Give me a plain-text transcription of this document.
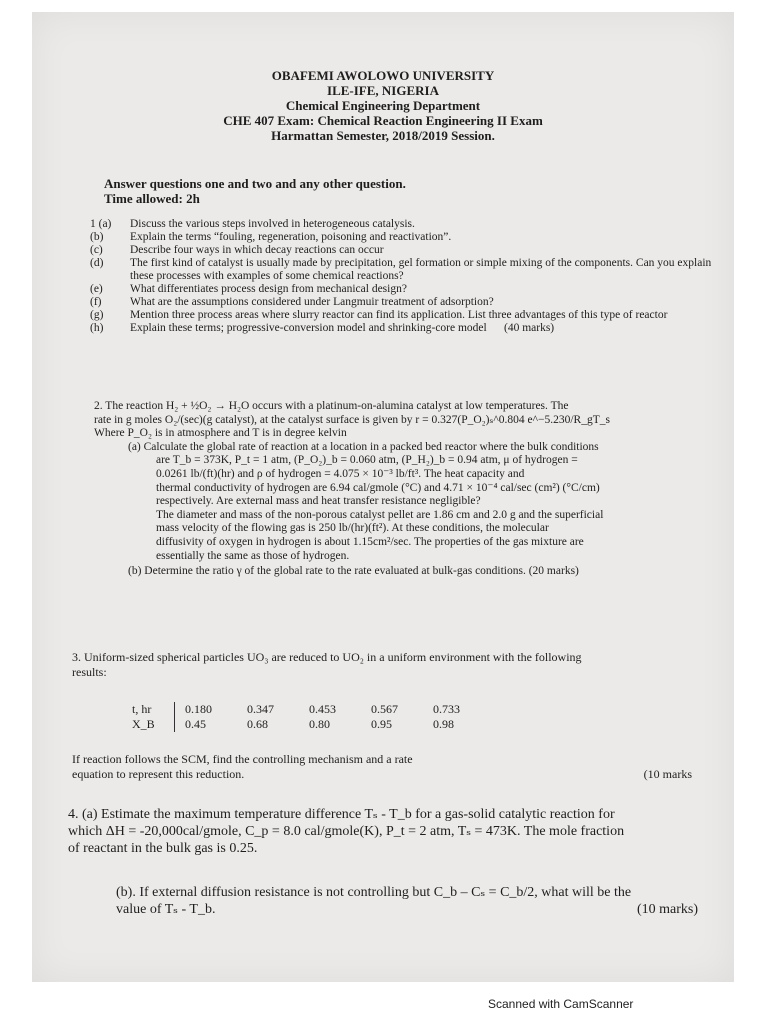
OBAFEMI AWOLOWO UNIVERSITY
ILE-IFE, NIGERIA
Chemical Engineering Department
CHE 407 Exam: Chemical Reaction Engineering II Exam
Harmattan Semester, 2018/2019 Session.
Answer questions one and two and any other question.
Time allowed: 2h
1 (a)	Discuss the various steps involved in heterogeneous catalysis.
(b)	Explain the terms “fouling, regeneration, poisoning and reactivation”.
(c)	Describe four ways in which decay reactions can occur
(d)	The first kind of catalyst is usually made by precipitation, gel formation or simple mixing of the components. Can you explain these processes with examples of some chemical reactions?
(e)	What differentiates process design from mechanical design?
(f)	What are the assumptions considered under Langmuir treatment of adsorption?
(g)	Mention three process areas where slurry reactor can find its application. List three advantages of this type of reactor
(h)	Explain these terms; progressive-conversion model and shrinking-core model (40 marks)
2. The reaction H₂ + ½O₂ → H₂O occurs with a platinum-on-alumina catalyst at low temperatures. The
rate in g moles O₂/(sec)(g catalyst), at the catalyst surface is given by r = 0.327(P_O₂)ₛ^0.804 e^−5.230/R_gT_s
Where P_O₂ is in atmosphere and T is in degree kelvin
(a) Calculate the global rate of reaction at a location in a packed bed reactor where the bulk conditions
are T_b = 373K, P_t = 1 atm, (P_O₂)_b = 0.060 atm, (P_H₂)_b = 0.94 atm, μ of hydrogen =
0.0261 lb/(ft)(hr) and ρ of hydrogen = 4.075 × 10⁻³ lb/ft³. The heat capacity and
thermal conductivity of hydrogen are 6.94 cal/gmole (°C) and 4.71 × 10⁻⁴ cal/sec (cm²) (°C/cm)
respectively. Are external mass and heat transfer resistance negligible?
The diameter and mass of the non-porous catalyst pellet are 1.86 cm and 2.0 g and the superficial
mass velocity of the flowing gas is 250 lb/(hr)(ft²). At these conditions, the molecular
diffusivity of oxygen in hydrogen is about 1.15cm²/sec. The properties of the gas mixture are
essentially the same as those of hydrogen.
(b) Determine the ratio γ of the global rate to the rate evaluated at bulk-gas conditions. (20 marks)
3. Uniform-sized spherical particles UO₃ are reduced to UO₂ in a uniform environment with the following
results:
t, hr	0.180	0.347	0.453	0.567	0.733
X_B	0.45	0.68	0.80	0.95	0.98
If reaction follows the SCM, find the controlling mechanism and a rate
equation to represent this reduction.	(10 marks
4. (a) Estimate the maximum temperature difference Tₛ - T_b for a gas-solid catalytic reaction for
which ΔH = -20,000cal/gmole, C_p = 8.0 cal/gmole(K), P_t = 2 atm, Tₛ = 473K. The mole fraction
of reactant in the bulk gas is 0.25.
(b). If external diffusion resistance is not controlling but C_b – Cₛ = C_b/2, what will be the
value of Tₛ - T_b.	(10 marks)
Scanned with CamScanner
